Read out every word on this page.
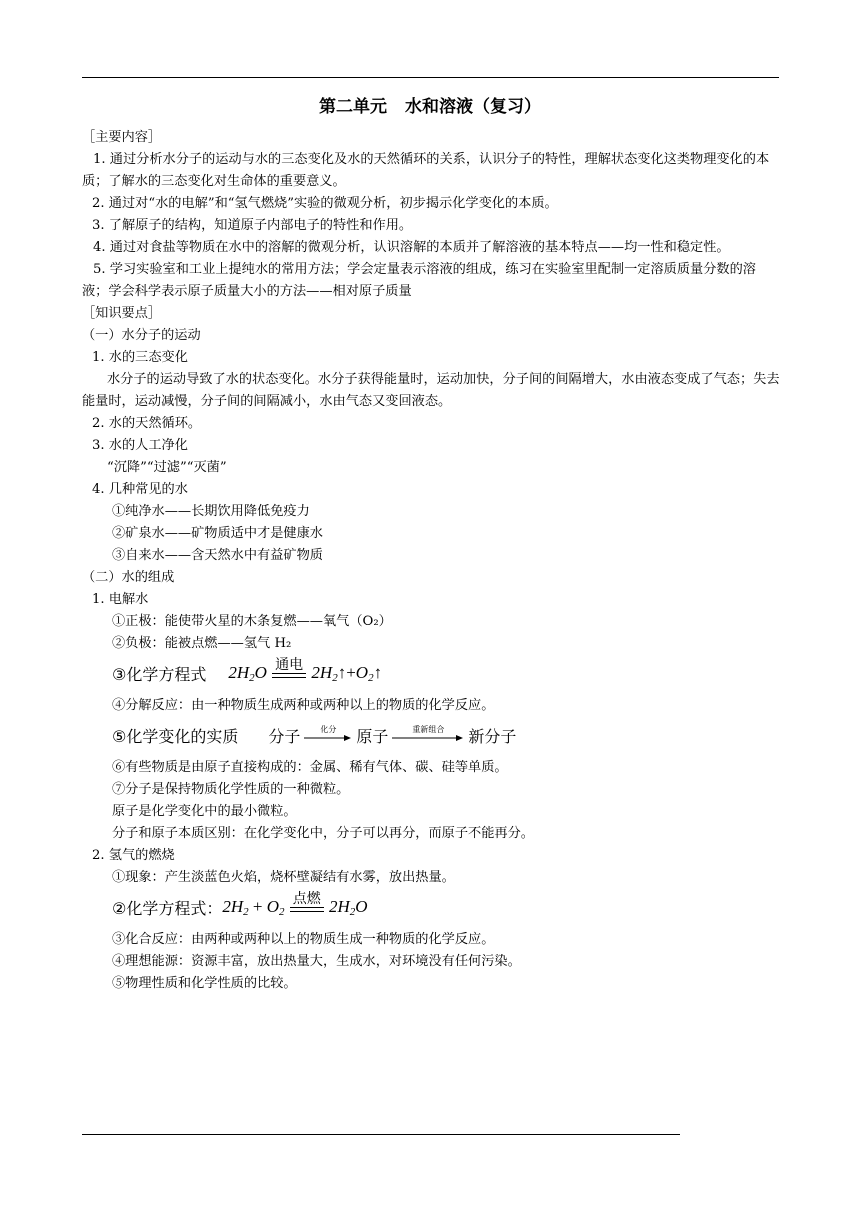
第二单元 水和溶液（复习）
［主要内容］
1. 通过分析水分子的运动与水的三态变化及水的天然循环的关系，认识分子的特性，理解状态变化这类物理变化的本质；了解水的三态变化对生命体的重要意义。
2. 通过对“水的电解”和“氢气燃烧”实验的微观分析，初步揭示化学变化的本质。
3. 了解原子的结构，知道原子内部电子的特性和作用。
4. 通过对食盐等物质在水中的溶解的微观分析，认识溶解的本质并了解溶液的基本特点——均一性和稳定性。
5. 学习实验室和工业上提纯水的常用方法；学会定量表示溶液的组成，练习在实验室里配制一定溶质质量分数的溶液；学会科学表示原子质量大小的方法——相对原子质量
［知识要点］
（一）水分子的运动
1. 水的三态变化
水分子的运动导致了水的状态变化。水分子获得能量时，运动加快，分子间的间隔增大，水由液态变成了气态；失去能量时，运动减慢，分子间的间隔减小，水由气态又变回液态。
2. 水的天然循环。
3. 水的人工净化
“沉降”“过滤”“灭菌”
4. 几种常见的水
①纯净水——长期饮用降低免疫力
②矿泉水——矿物质适中才是健康水
③自来水——含天然水中有益矿物质
（二）水的组成
1. 电解水
①正极：能使带火星的木条复燃——氧气（O₂）
②负极：能被点燃——氢气 H₂
③化学方程式 $2H_2O$ 通电 $2H_2↑+O_2↑$
④分解反应：由一种物质生成两种或两种以上的物质的化学反应。
⑤化学变化的实质 分子	化分 原子	重新组合 新分子
⑥有些物质是由原子直接构成的：金属、稀有气体、碳、硅等单质。
⑦分子是保持物质化学性质的一种微粒。
原子是化学变化中的最小微粒。
分子和原子本质区别：在化学变化中，分子可以再分，而原子不能再分。
2. 氢气的燃烧
①现象：产生淡蓝色火焰，烧杯壁凝结有水雾，放出热量。
②化学方程式： $2H_2 + O_2$
点燃 $2H_2O$
③化合反应：由两种或两种以上的物质生成一种物质的化学反应。
④理想能源：资源丰富，放出热量大，生成水，对环境没有任何污染。
⑤物理性质和化学性质的比较。
